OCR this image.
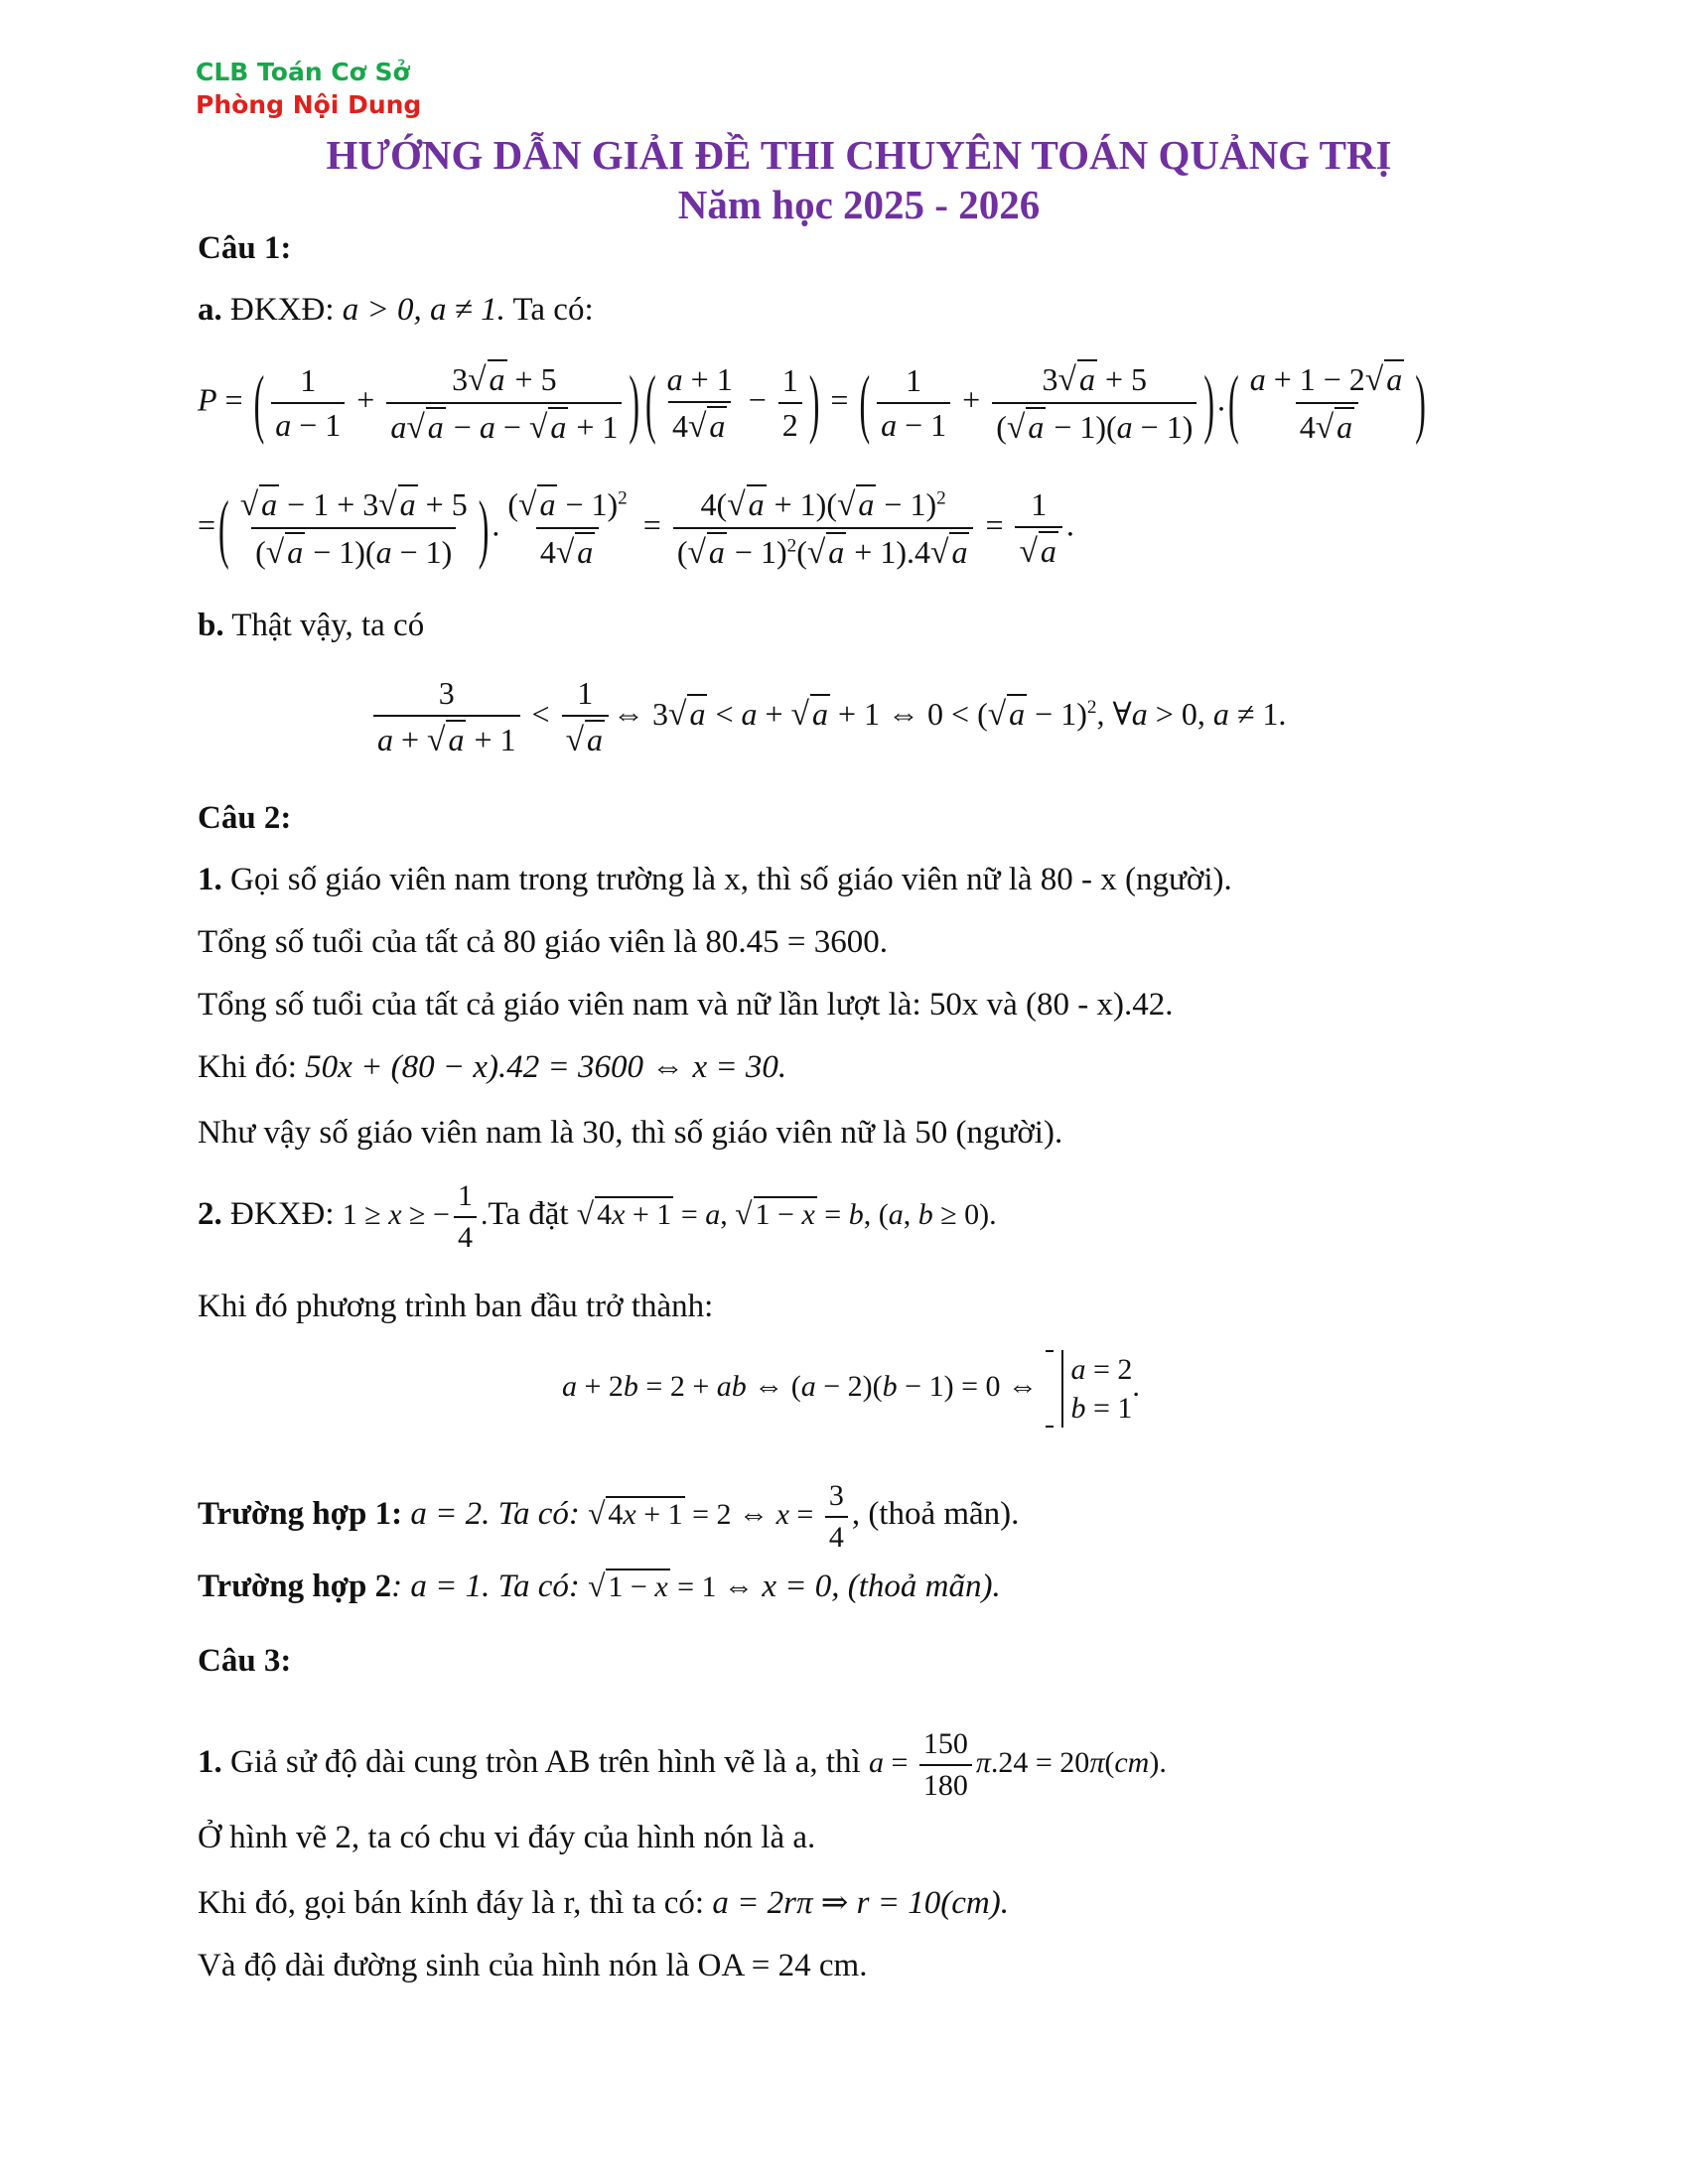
CLB Toán Cơ Sở
Phòng Nội Dung
HƯỚNG DẪN GIẢI ĐỀ THI CHUYÊN TOÁN QUẢNG TRỊ
Năm học 2025 - 2026
Câu 1:
a. ĐKXĐ: a > 0, a ≠ 1. Ta có:
P = ( $\frac{1}{a - 1} + \frac{3√a + 5}{a√a - a - √a + 1}$ ) ( $\frac{a + 1}{4√a} - \frac{1}{2}$ ) = ( $\frac{1}{a - 1} + \frac{3√a + 5}{(√a - 1)(a - 1)}$ ).( $\frac{a + 1 - 2√a}{4√a}$ )
=( $\frac{√a - 1 + 3√a + 5}{(√a - 1)(a - 1)}$ ). $\frac{(√a - 1)^2}{4√a} = \frac{4(√a + 1)(√a - 1)^2}{(√a - 1)^2(√a + 1).4√a} = \frac{1}{√a}$ .
b. Thật vậy, ta có
$\frac{3}{a + √a + 1} < \frac{1}{√a}$ ⇔ 3√a < a + √a + 1 ⇔ $0 < (√a - 1)^2$, ∀a > 0, a ≠ 1.
Câu 2:
1. Gọi số giáo viên nam trong trường là x, thì số giáo viên nữ là 80 - x (người).
Tổng số tuổi của tất cả 80 giáo viên là 80.45 = 3600.
Tổng số tuổi của tất cả giáo viên nam và nữ lần lượt là: 50x và (80 - x).42.
Khi đó: 50x + (80 − x).42 = 3600 ⇔ x = 30.
Như vậy số giáo viên nam là 30, thì số giáo viên nữ là 50 (người).
2. ĐKXĐ: 1 ≥ x ≥ − $\frac{1}{4} .Ta$ đặt √ 4x + 1 = a, √ 1 − x = b, (a, b ≥ 0).
Khi đó phương trình ban đầu trở thành:
a + 2b = 2 + ab ⇔ (a − 2)(b − 1) = 0 ⇔
a = 2
b = 1
.
Trường hợp 1: a = 2. Ta có: √ 4x + 1 = 2 ⇔ $x = \frac{3}{4}$ , (thoả mãn).
Trường hợp 2: a = 1. Ta có: √ 1 − x = 1 ⇔ x = 0, (thoả mãn).
Câu 3:
1. Giả sử độ dài cung tròn AB trên hình vẽ là a, thì $a = \frac{150}{180} \pi.24 = 20\pi(cm)$.
Ở hình vẽ 2, ta có chu vi đáy của hình nón là a.
Khi đó, gọi bán kính đáy là r, thì ta có: a = 2rπ ⇒ r = 10(cm).
Và độ dài đường sinh của hình nón là OA = 24 cm.
